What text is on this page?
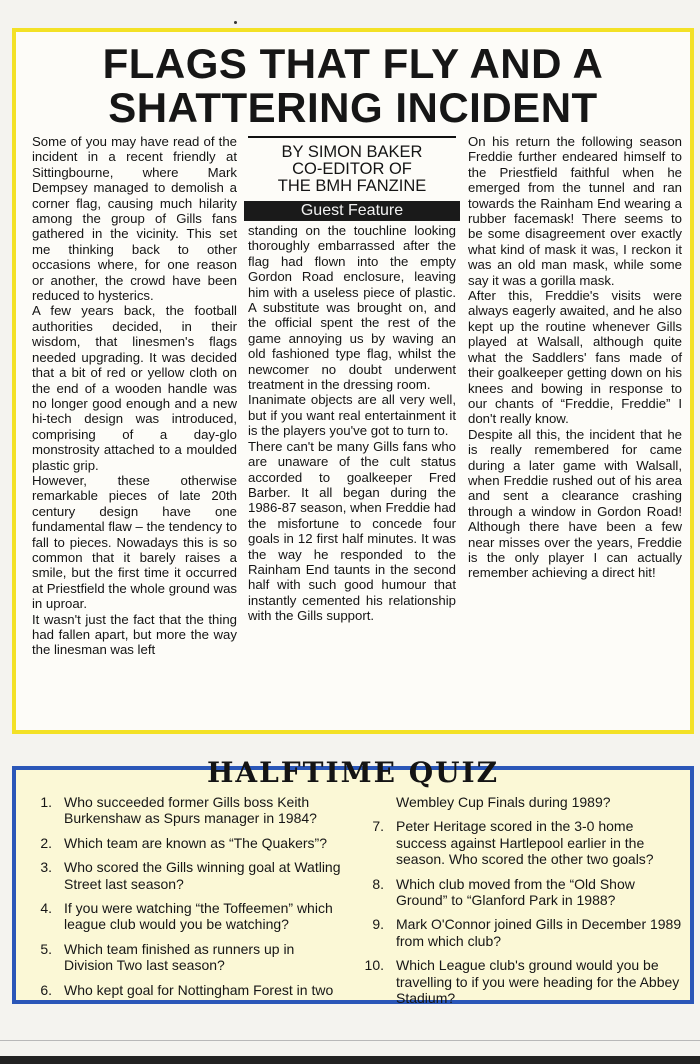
FLAGS THAT FLY AND A
SHATTERING INCIDENT

Some of you may have read of the incident in a recent friendly at Sittingbourne, where Mark Dempsey managed to demolish a corner flag, causing much hilarity among the group of Gills fans gathered in the vicinity. This set me thinking back to other occasions where, for one reason or another, the crowd have been reduced to hysterics.

A few years back, the football authorities decided, in their wisdom, that linesmen's flags needed upgrading. It was decided that a bit of red or yellow cloth on the end of a wooden handle was no longer good enough and a new hi-tech design was introduced, comprising of a day-glo monstrosity attached to a moulded plastic grip.

However, these otherwise remarkable pieces of late 20th century design have one fundamental flaw – the tendency to fall to pieces. Nowadays this is so common that it barely raises a smile, but the first time it occurred at Priestfield the whole ground was in uproar.

It wasn't just the fact that the thing had fallen apart, but more the way the linesman was left

BY SIMON BAKER
CO-EDITOR OF
THE BMH FANZINE
Guest Feature

standing on the touchline looking thoroughly embarrassed after the flag had flown into the empty Gordon Road enclosure, leaving him with a useless piece of plastic. A substitute was brought on, and the official spent the rest of the game annoying us by waving an old fashioned type flag, whilst the newcomer no doubt underwent treatment in the dressing room.

Inanimate objects are all very well, but if you want real entertainment it is the players you've got to turn to.

There can't be many Gills fans who are unaware of the cult status accorded to goalkeeper Fred Barber. It all began during the 1986-87 season, when Freddie had the misfortune to concede four goals in 12 first half minutes. It was the way he responded to the Rainham End taunts in the second half with such good humour that instantly cemented his relationship with the Gills support.

On his return the following season Freddie further endeared himself to the Priestfield faithful when he emerged from the tunnel and ran towards the Rainham End wearing a rubber facemask! There seems to be some disagreement over exactly what kind of mask it was, I reckon it was an old man mask, while some say it was a gorilla mask.

After this, Freddie's visits were always eagerly awaited, and he also kept up the routine whenever Gills played at Walsall, although quite what the Saddlers' fans made of their goalkeeper getting down on his knees and bowing in response to our chants of “Freddie, Freddie” I don't really know.

Despite all this, the incident that he is really remembered for came during a later game with Walsall, when Freddie rushed out of his area and sent a clearance crashing through a window in Gordon Road! Although there have been a few near misses over the years, Freddie is the only player I can actually remember achieving a direct hit!

HALFTIME QUIZ
1. Who succeeded former Gills boss Keith Burkenshaw as Spurs manager in 1984?
2. Which team are known as “The Quakers”?
3. Who scored the Gills winning goal at Watling Street last season?
4. If you were watching “the Toffeemen” which league club would you be watching?
5. Which team finished as runners up in Division Two last season?
6. Who kept goal for Nottingham Forest in two
Wembley Cup Finals during 1989?
7. Peter Heritage scored in the 3-0 home success against Hartlepool earlier in the season. Who scored the other two goals?
8. Which club moved from the “Old Show Ground” to “Glanford Park in 1988?
9. Mark O'Connor joined Gills in December 1989 from which club?
10. Which League club's ground would you be travelling to if you were heading for the Abbey Stadium?
